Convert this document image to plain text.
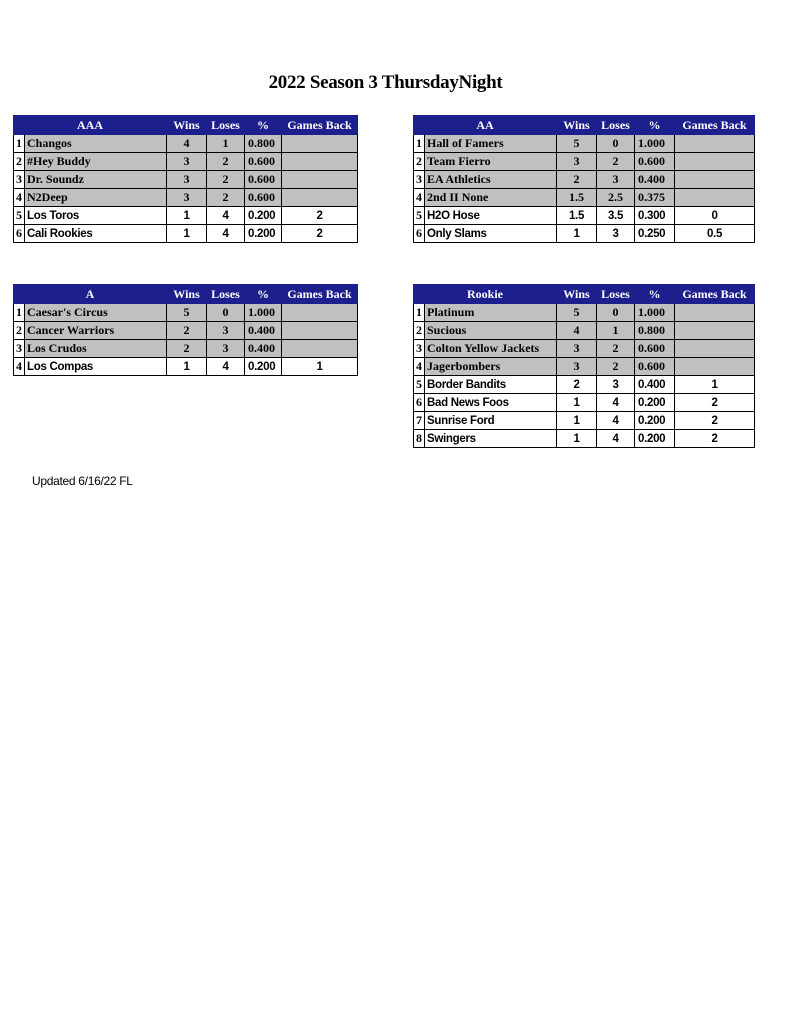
2022 Season 3 ThursdayNight
AAA		Wins	Loses	%	Games Back
1	Changos	4	1	0.800	
2	#Hey Buddy	3	2	0.600	
3	Dr. Soundz	3	2	0.600	
4	N2Deep	3	2	0.600	
5	Los Toros	1	4	0.200	2
6	Cali Rookies	1	4	0.200	2
AA		Wins	Loses	%	Games Back
1	Hall of Famers	5	0	1.000	
2	Team Fierro	3	2	0.600	
3	EA Athletics	2	3	0.400	
4	2nd II None	1.5	2.5	0.375	
5	H2O Hose	1.5	3.5	0.300	0
6	Only Slams	1	3	0.250	0.5
A		Wins	Loses	%	Games Back
1	Caesar's Circus	5	0	1.000	
2	Cancer Warriors	2	3	0.400	
3	Los Crudos	2	3	0.400	
4	Los Compas	1	4	0.200	1
Rookie		Wins	Loses	%	Games Back
1	Platinum	5	0	1.000	
2	Sucious	4	1	0.800	
3	Colton Yellow Jackets	3	2	0.600	
4	Jagerbombers	3	2	0.600	
5	Border Bandits	2	3	0.400	1
6	Bad News Foos	1	4	0.200	2
7	Sunrise Ford	1	4	0.200	2
8	Swingers	1	4	0.200	2
Updated 6/16/22 FL
